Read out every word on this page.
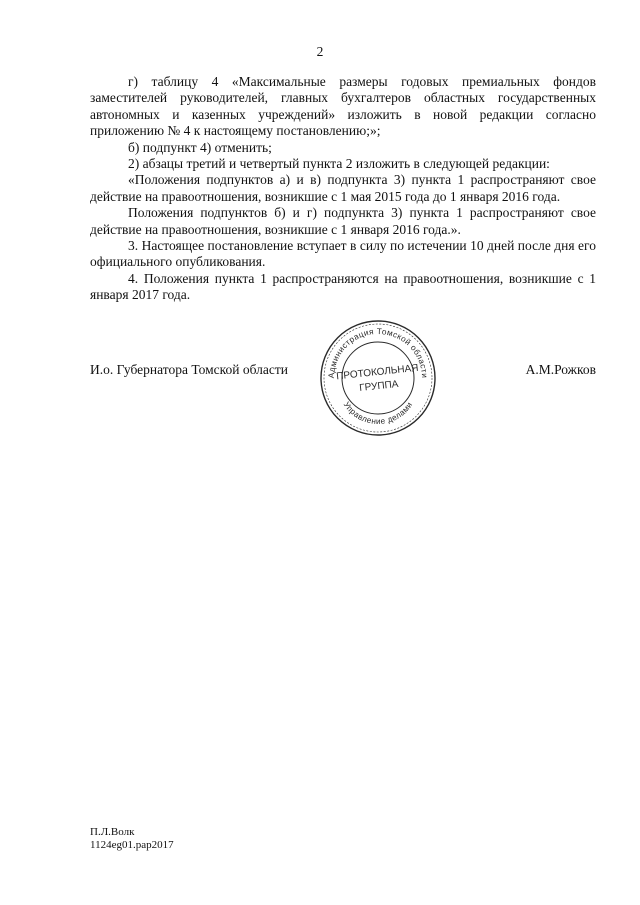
2

г) таблицу 4 «Максимальные размеры годовых премиальных фондов заместителей руководителей, главных бухгалтеров областных государственных автономных и казенных учреждений» изложить в новой редакции согласно приложению № 4 к настоящему постановлению;»;

б) подпункт 4) отменить;

2) абзацы третий и четвертый пункта 2 изложить в следующей редакции:

«Положения подпунктов а) и в) подпункта 3) пункта 1 распространяют свое действие на правоотношения, возникшие с 1 мая 2015 года до 1 января 2016 года.

Положения подпунктов б) и г) подпункта 3) пункта 1 распространяют свое действие на правоотношения, возникшие с 1 января 2016 года.».

3. Настоящее постановление вступает в силу по истечении 10 дней после дня его официального опубликования.

4. Положения пункта 1 распространяются на правоотношения, возникшие с 1 января 2017 года.

И.о. Губернатора Томской области	А.М.Рожков
Администрация Томской области
Управление делами
ПРОТОКОЛЬНАЯ
ГРУППА
П.Л.Волк
1124eg01.pap2017
